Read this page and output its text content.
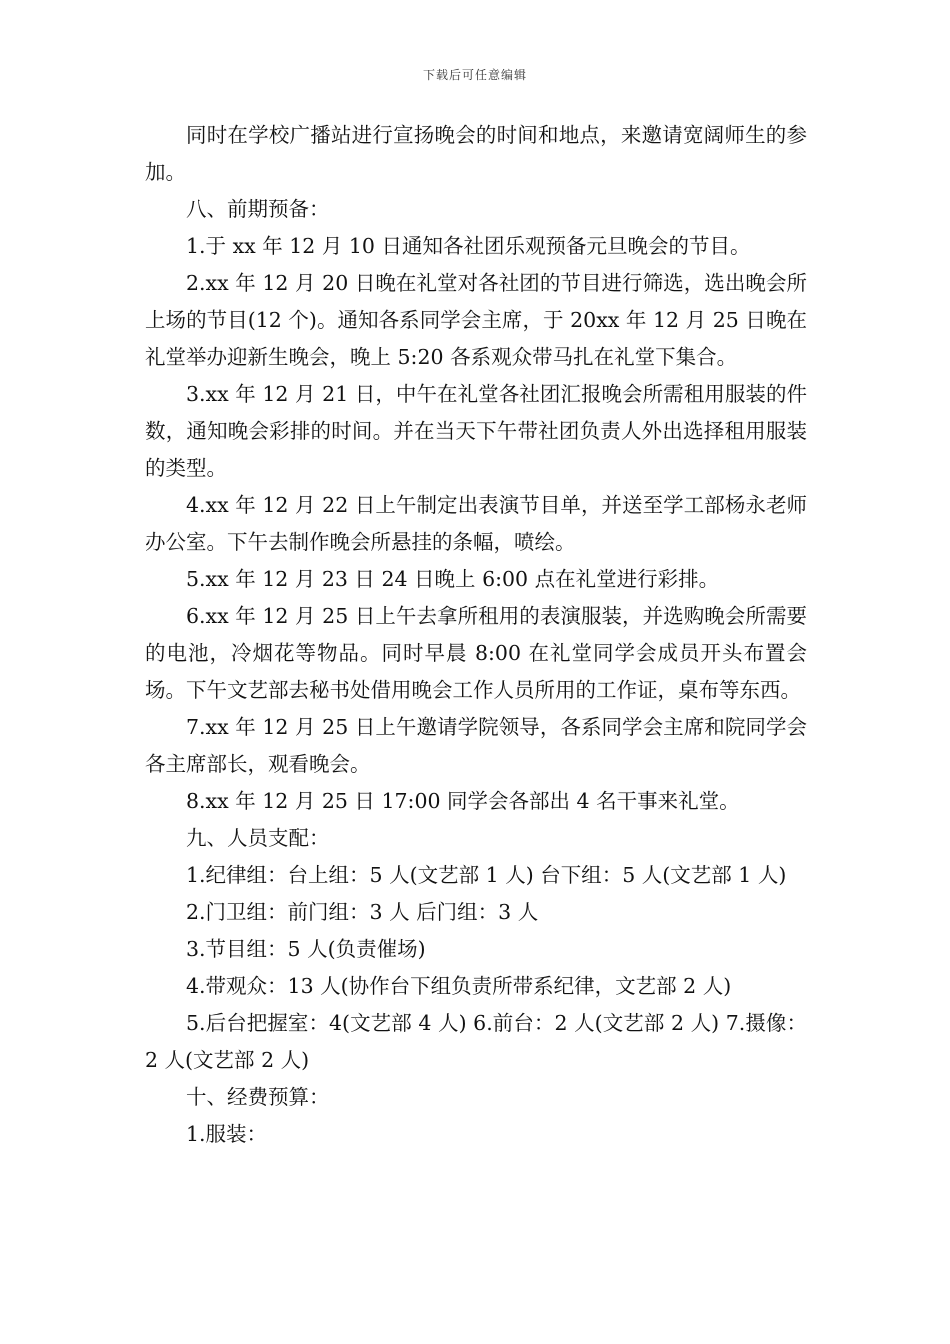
下载后可任意编辑

同时在学校广播站进行宣扬晚会的时间和地点，来邀请宽阔师生的参加。

八、前期预备：

1.于 xx 年 12 月 10 日通知各社团乐观预备元旦晚会的节目。

2.xx 年 12 月 20 日晚在礼堂对各社团的节目进行筛选，选出晚会所上场的节目(12 个)。通知各系同学会主席，于 20xx 年 12 月 25 日晚在礼堂举办迎新生晚会，晚上 5:20 各系观众带马扎在礼堂下集合。

3.xx 年 12 月 21 日，中午在礼堂各社团汇报晚会所需租用服装的件数，通知晚会彩排的时间。并在当天下午带社团负责人外出选择租用服装的类型。

4.xx 年 12 月 22 日上午制定出表演节目单，并送至学工部杨永老师办公室。下午去制作晚会所悬挂的条幅，喷绘。

5.xx 年 12 月 23 日 24 日晚上 6:00 点在礼堂进行彩排。

6.xx 年 12 月 25 日上午去拿所租用的表演服装，并选购晚会所需要的电池，冷烟花等物品。同时早晨 8:00 在礼堂同学会成员开头布置会场。下午文艺部去秘书处借用晚会工作人员所用的工作证，桌布等东西。

7.xx 年 12 月 25 日上午邀请学院领导，各系同学会主席和院同学会各主席部长，观看晚会。

8.xx 年 12 月 25 日 17:00 同学会各部出 4 名干事来礼堂。

九、人员支配：

1.纪律组：台上组：5 人(文艺部 1 人) 台下组：5 人(文艺部 1 人)

2.门卫组：前门组：3 人 后门组：3 人

3.节目组：5 人(负责催场)

4.带观众：13 人(协作台下组负责所带系纪律，文艺部 2 人)

5.后台把握室：4(文艺部 4 人) 6.前台：2 人(文艺部 2 人) 7.摄像：2 人(文艺部 2 人)

十、经费预算：

1.服装：
